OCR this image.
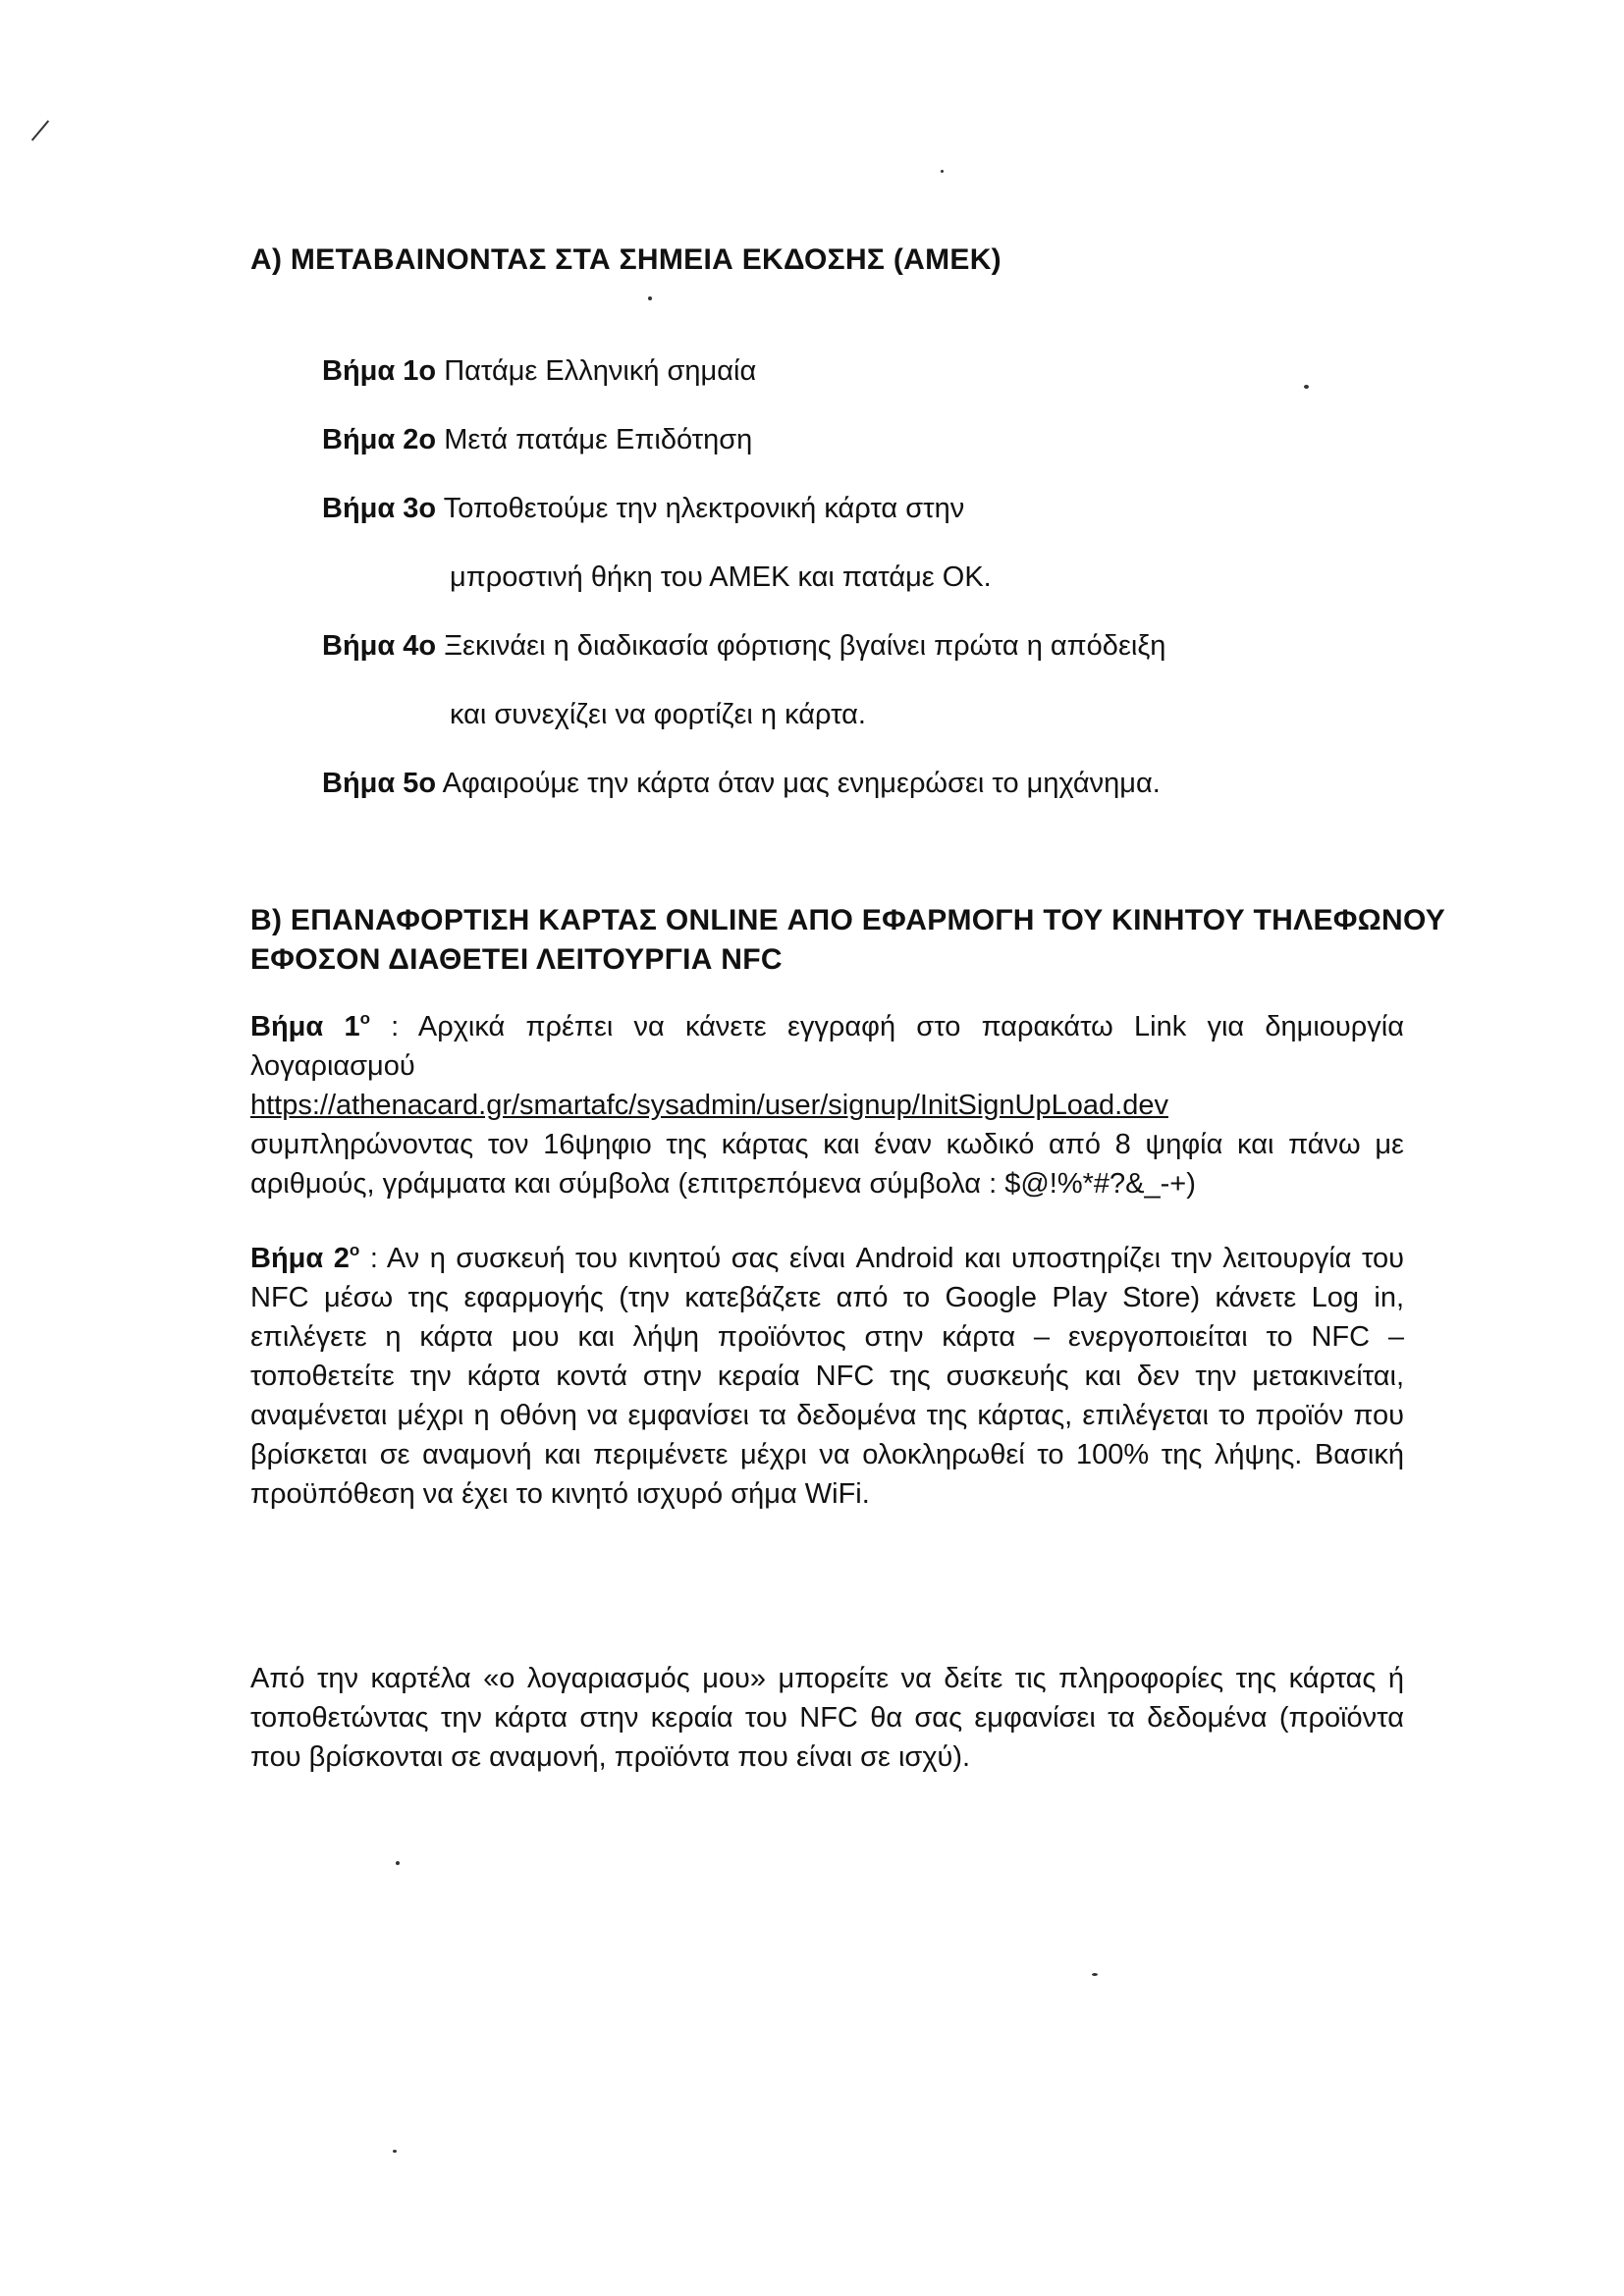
A) ΜΕΤΑΒΑΙΝΟΝΤΑΣ ΣΤΑ ΣΗΜΕΙΑ ΕΚΔΟΣΗΣ (ΑΜΕΚ)
Βήμα 1ο Πατάμε Ελληνική σημαία
Βήμα 2ο Μετά πατάμε Επιδότηση
Βήμα 3ο Τοποθετούμε την ηλεκτρονική κάρτα στην
μπροστινή θήκη του ΑΜΕΚ και πατάμε ΟΚ.
Βήμα 4ο Ξεκινάει η διαδικασία φόρτισης βγαίνει πρώτα η απόδειξη
και συνεχίζει να φορτίζει η κάρτα.
Βήμα 5ο Αφαιρούμε την κάρτα όταν μας ενημερώσει το μηχάνημα.
B) ΕΠΑΝΑΦΟΡΤΙΣΗ ΚΑΡΤΑΣ ONLINE ΑΠΟ ΕΦΑΡΜΟΓΗ ΤΟΥ ΚΙΝΗΤΟΥ ΤΗΛΕΦΩΝΟΥ
ΕΦΟΣΟΝ ΔΙΑΘΕΤΕΙ ΛΕΙΤΟΥΡΓΙΑ NFC
Βήμα $1^o$ : Αρχικά πρέπει να κάνετε εγγραφή στο παρακάτω Link για δημιουργία λογαριασμού
https://athenacard.gr/smartafc/sysadmin/user/signup/InitSignUpLoad.dev
συμπληρώνοντας τον 16ψηφιο της κάρτας και έναν κωδικό από 8 ψηφία και πάνω με αριθμούς, γράμματα και σύμβολα (επιτρεπόμενα σύμβολα : $@!%*#?&_-+)
Βήμα $2^o$ : Αν η συσκευή του κινητού σας είναι Android και υποστηρίζει την λειτουργία του NFC μέσω της εφαρμογής (την κατεβάζετε από το Google Play Store) κάνετε Log in, επιλέγετε η κάρτα μου και λήψη προϊόντος στην κάρτα – ενεργοποιείται το NFC – τοποθετείτε την κάρτα κοντά στην κεραία NFC της συσκευής και δεν την μετακινείται, αναμένεται μέχρι η οθόνη να εμφανίσει τα δεδομένα της κάρτας, επιλέγεται το προϊόν που βρίσκεται σε αναμονή και περιμένετε μέχρι να ολοκληρωθεί το 100% της λήψης. Βασική προϋπόθεση να έχει το κινητό ισχυρό σήμα WiFi.
Από την καρτέλα «ο λογαριασμός μου» μπορείτε να δείτε τις πληροφορίες της κάρτας ή τοποθετώντας την κάρτα στην κεραία του NFC θα σας εμφανίσει τα δεδομένα (προϊόντα που βρίσκονται σε αναμονή, προϊόντα που είναι σε ισχύ).
